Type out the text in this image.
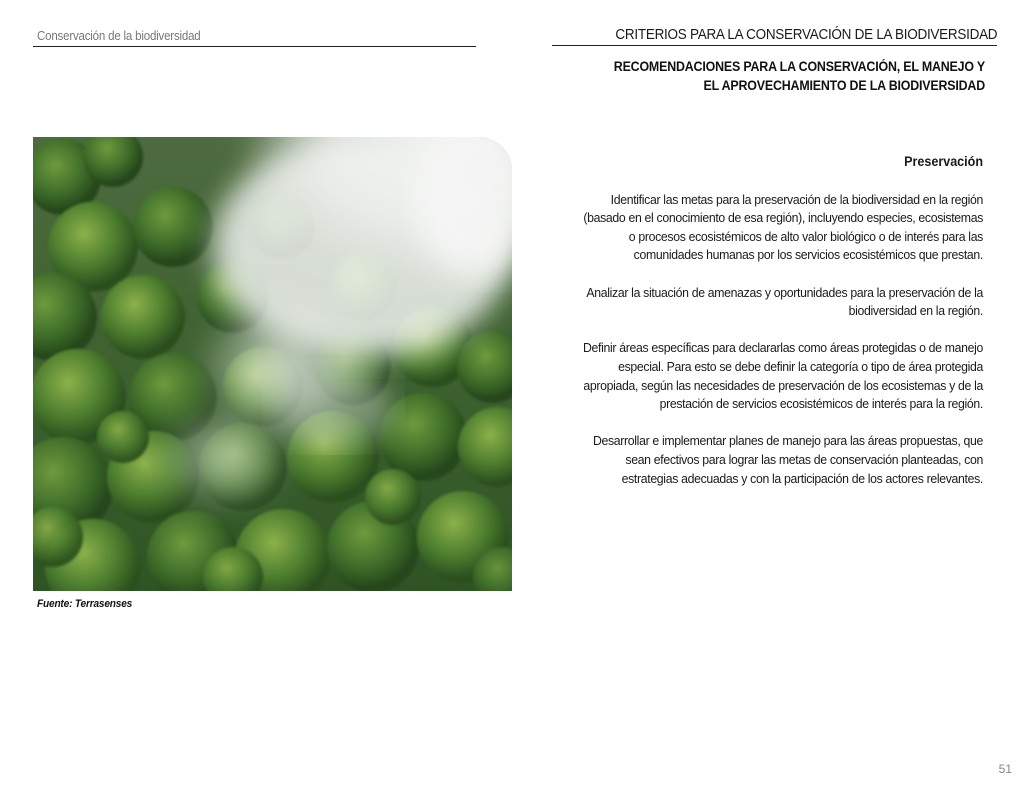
Conservación de la biodiversidad	CRITERIOS PARA LA CONSERVACIÓN DE LA BIODIVERSIDAD
RECOMENDACIONES PARA LA CONSERVACIÓN, EL MANEJO Y
EL APROVECHAMIENTO DE LA BIODIVERSIDAD
Fuente: Terrasenses
Preservación

Identificar las metas para la preservación de la biodiversidad en la región (basado en el conocimiento de esa región), incluyendo especies, ecosistemas o procesos ecosistémicos de alto valor biológico o de interés para las comunidades humanas por los servicios ecosistémicos que prestan.

Analizar la situación de amenazas y oportunidades para la preservación de la biodiversidad en la región.

Definir áreas específicas para declararlas como áreas protegidas o de manejo especial. Para esto se debe definir la categoría o tipo de área protegida apropiada, según las necesidades de preservación de los ecosistemas y de la prestación de servicios ecosistémicos de interés para la región.

Desarrollar e implementar planes de manejo para las áreas propuestas, que sean efectivos para lograr las metas de conservación planteadas, con estrategias adecuadas y con la participación de los actores relevantes.

51
